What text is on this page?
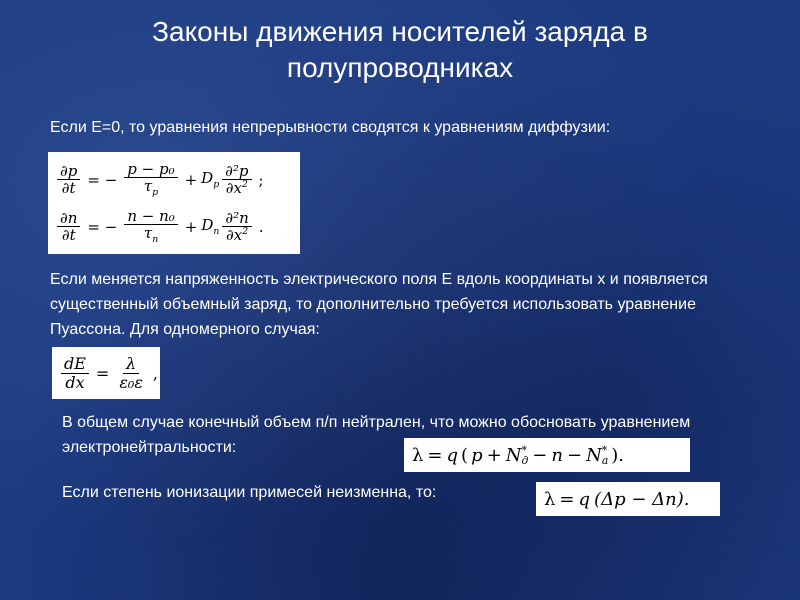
Законы движения носителей заряда в полупроводниках
Если E=0, то уравнения непрерывности сводятся к уравнениям диффузии:
$\frac{\partial p}{\partial t}$ = − $\frac{\text{p − p₀}}{\tau_p} + D_p \frac{\text{∂²p}}{\partial x^2}$ ;
$\frac{\partial n}{\partial t}$ = − $\frac{\text{n − n₀}}{\tau_n} + D_n \frac{\text{∂²n}}{\partial x^2}$ .
Если меняется напряженность электрического поля E вдоль координаты x и появляется существенный объемный заряд, то дополнительно требуется использовать уравнение Пуассона. Для одномерного случая:
$\frac{dE}{dx} = \frac{\lambda}{\text{ε₀ε}}$ ,
В общем случае конечный объем п/п нейтрален, что можно обосновать уравнением электронейтральности:	λ = q ( p + N *
д − n − N *
а ).
Если степень ионизации примесей неизменна, то:	λ = q (Δp − Δn).
